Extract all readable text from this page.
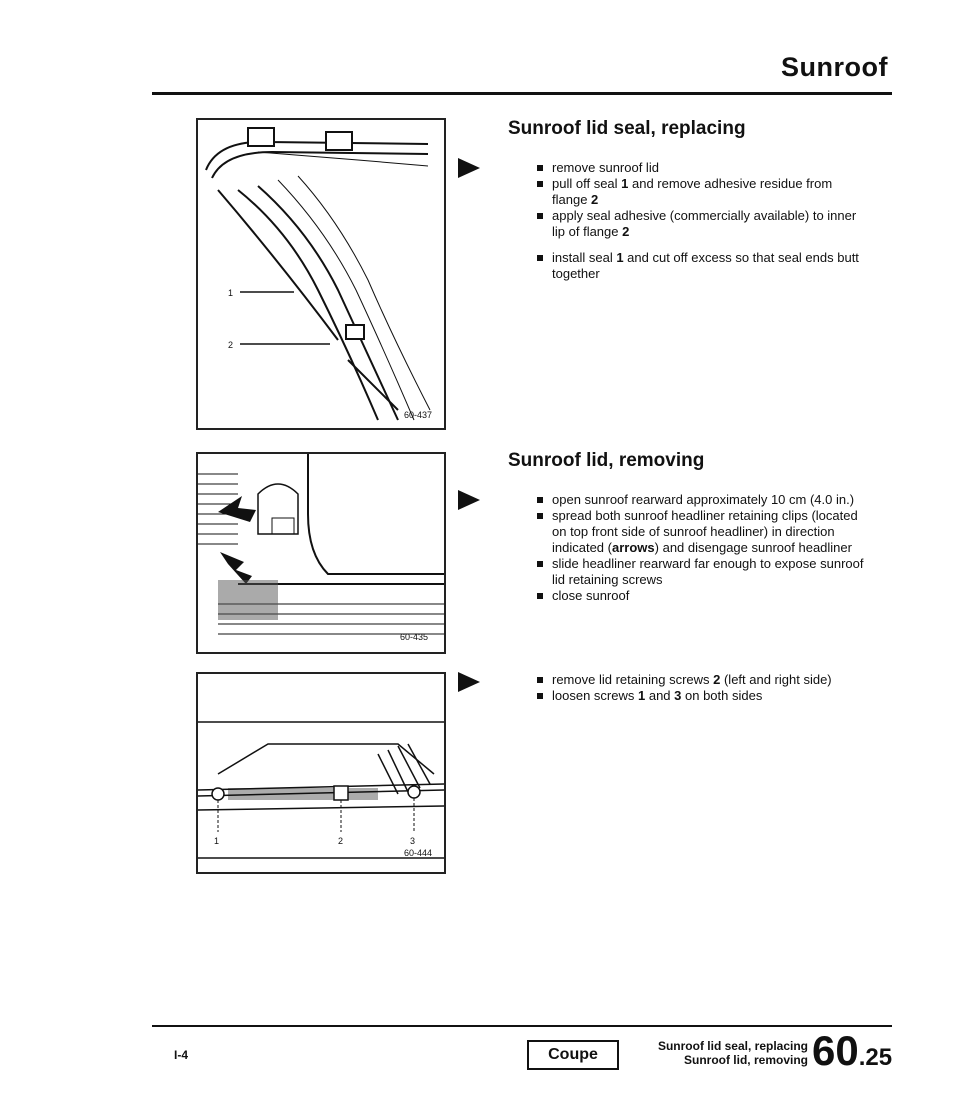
Sunroof
1
2
60-437
60-435
1	2	3
60-444
Sunroof lid seal, replacing
remove sunroof lid
pull off seal 1 and remove adhesive residue from flange 2
apply seal adhesive (commercially available) to inner lip of flange 2
install seal 1 and cut off excess so that seal ends butt together
Sunroof lid, removing
open sunroof rearward approximately 10 cm (4.0 in.)
spread both sunroof headliner retaining clips (located on top front side of sunroof headliner) in direction indicated (arrows) and disengage sunroof headliner
slide headliner rearward far enough to expose sunroof lid retaining screws
close sunroof
remove lid retaining screws 2 (left and right side)
loosen screws 1 and 3 on both sides
I-4	Coupe	Sunroof lid seal, replacing
Sunroof lid, removing 60.25
